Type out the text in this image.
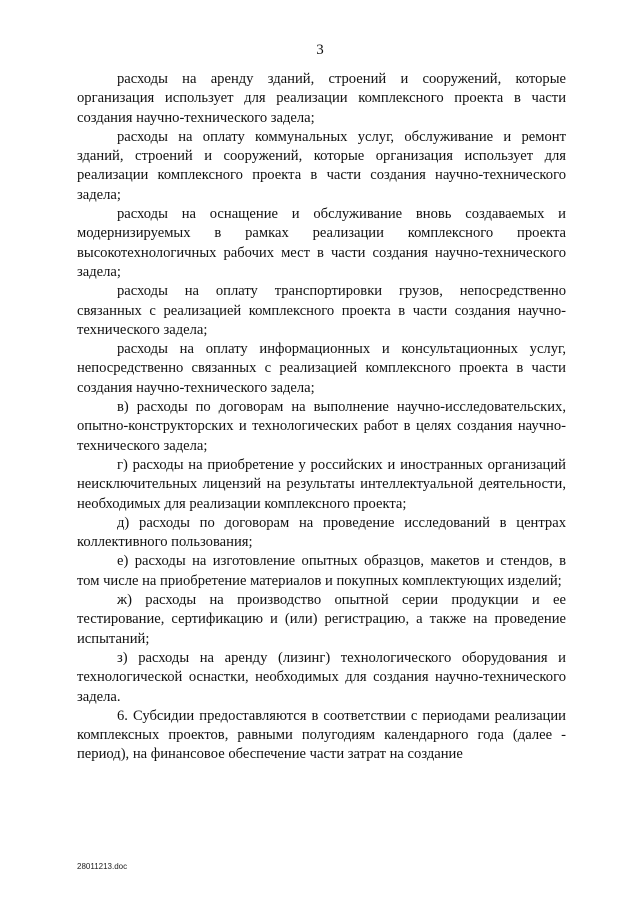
3

расходы на аренду зданий, строений и сооружений, которые организация использует для реализации комплексного проекта в части создания научно-технического задела;

расходы на оплату коммунальных услуг, обслуживание и ремонт зданий, строений и сооружений, которые организация использует для реализации комплексного проекта в части создания научно-технического задела;

расходы на оснащение и обслуживание вновь создаваемых и модернизируемых в рамках реализации комплексного проекта высокотехнологичных рабочих мест в части создания научно-технического задела;

расходы на оплату транспортировки грузов, непосредственно связанных с реализацией комплексного проекта в части создания научно-технического задела;

расходы на оплату информационных и консультационных услуг, непосредственно связанных с реализацией комплексного проекта в части создания научно-технического задела;

в) расходы по договорам на выполнение научно-исследовательских, опытно-конструкторских и технологических работ в целях создания научно-технического задела;

г) расходы на приобретение у российских и иностранных организаций неисключительных лицензий на результаты интеллектуальной деятельности, необходимых для реализации комплексного проекта;

д) расходы по договорам на проведение исследований в центрах коллективного пользования;

е) расходы на изготовление опытных образцов, макетов и стендов, в том числе на приобретение материалов и покупных комплектующих изделий;

ж) расходы на производство опытной серии продукции и ее тестирование, сертификацию и (или) регистрацию, а также на проведение испытаний;

з) расходы на аренду (лизинг) технологического оборудования и технологической оснастки, необходимых для создания научно-технического задела.

6. Субсидии предоставляются в соответствии с периодами реализации комплексных проектов, равными полугодиям календарного года (далее - период), на финансовое обеспечение части затрат на создание

28011213.doc
